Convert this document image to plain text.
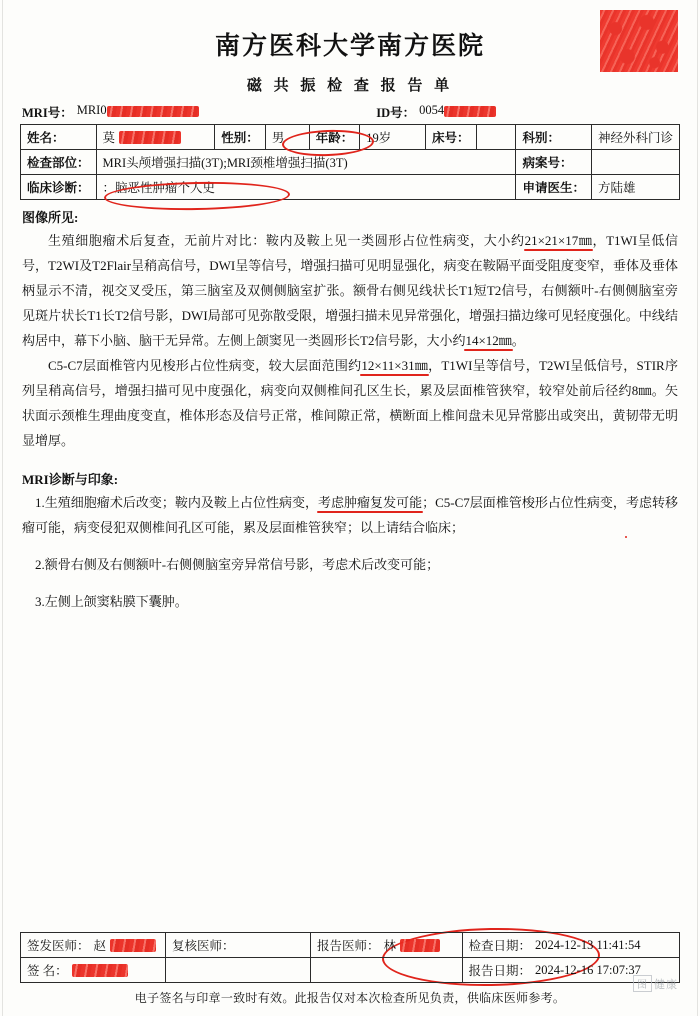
南方医科大学南方医院
磁 共 振 检 查 报 告 单
MRI号： MRI0	ID号： 0054
姓名：	莫	性别：	男	年龄：	19岁	床号：		科别：	神经外科门诊
检查部位：	MRI头颅增强扫描(3T);MRI颈椎增强扫描(3T)							病案号：	
临床诊断：	：脑恶性肿瘤个人史							申请医生：	方陆雄
图像所见:

生殖细胞瘤术后复查，无前片对比：鞍内及鞍上见一类圆形占位性病变，大小约21×21×17㎜，T1WI呈低信号，T2WI及T2Flair呈稍高信号，DWI呈等信号，增强扫描可见明显强化，病变在鞍隔平面受阻度变窄，垂体及垂体柄显示不清，视交叉受压，第三脑室及双侧侧脑室扩张。额骨右侧见线状长T1短T2信号，右侧额叶-右侧侧脑室旁见斑片状长T1长T2信号影，DWI局部可见弥散受限，增强扫描未见异常强化，增强扫描边缘可见轻度强化。中线结构居中，幕下小脑、脑干无异常。左侧上颌窦见一类圆形长T2信号影，大小约14×12㎜。

C5-C7层面椎管内见梭形占位性病变，较大层面范围约12×11×31㎜，T1WI呈等信号，T2WI呈低信号，STIR序列呈稍高信号，增强扫描可见中度强化，病变向双侧椎间孔区生长，累及层面椎管狭窄，较窄处前后径约8㎜。矢状面示颈椎生理曲度变直，椎体形态及信号正常，椎间隙正常，横断面上椎间盘未见异常膨出或突出，黄韧带无明显增厚。

MRI诊断与印象:
1.生殖细胞瘤术后改变；鞍内及鞍上占位性病变，考虑肿瘤复发可能；C5-C7层面椎管梭形占位性病变，考虑转移瘤可能，病变侵犯双侧椎间孔区可能，累及层面椎管狭窄；以上请结合临床；
2.额骨右侧及右侧额叶-右侧侧脑室旁异常信号影，考虑术后改变可能；
3.左侧上颌窦粘膜下囊肿。
签发医师： 赵	复核医师：	报告医师： 林	检查日期： 2024-12-13 11:41:54

签 名：			报告日期： 2024-12-16 17:07:37
电子签名与印章一致时有效。此报告仅对本次检查所见负责，供临床医师参考。
图 健康
